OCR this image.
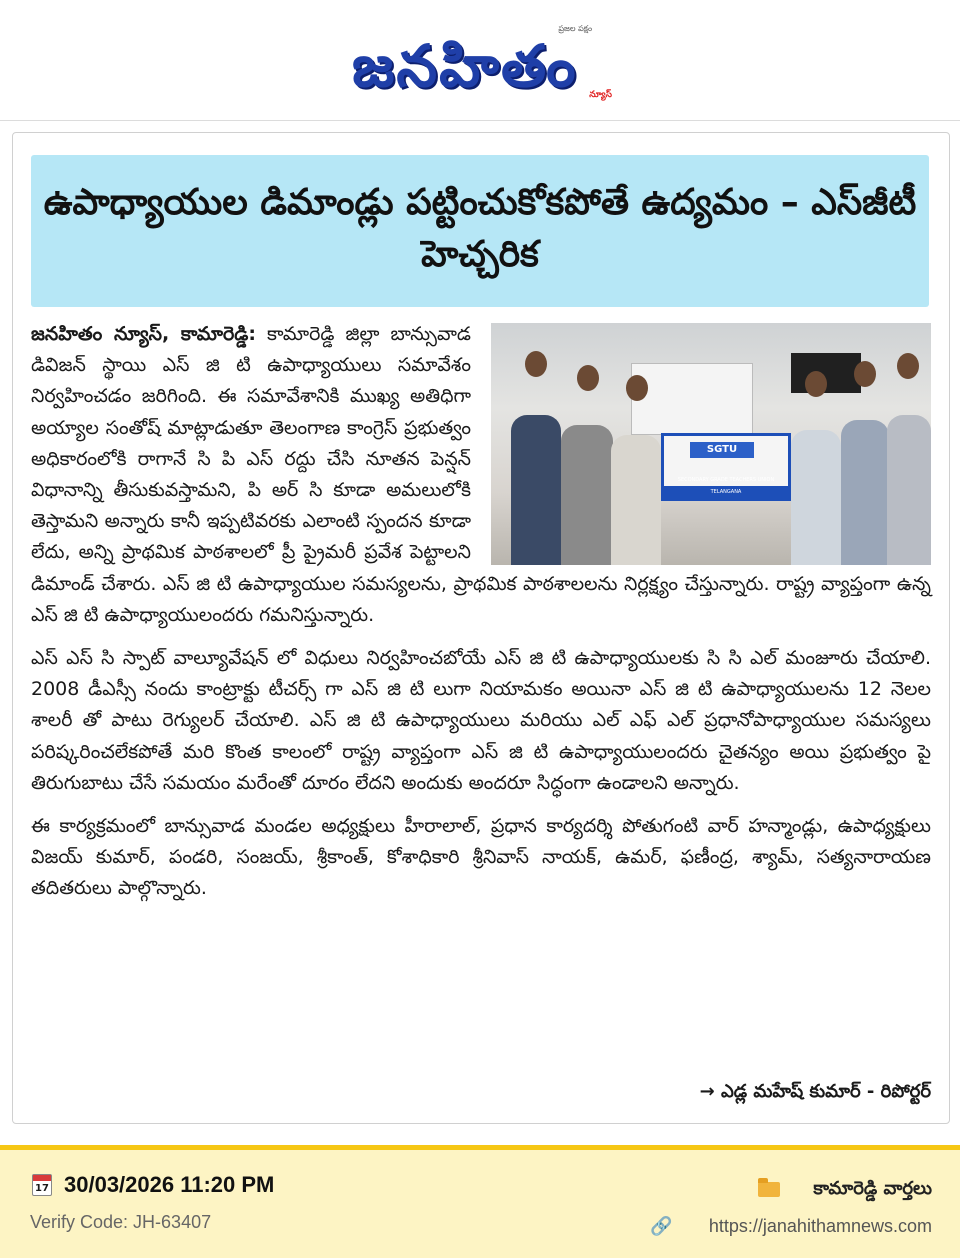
జనహితం
ప్రజల పక్షం
న్యూస్
ఉపాధ్యాయుల డిమాండ్లు పట్టించుకోకపోతే ఉద్యమం – ఎస్‌జీటీ హెచ్చరిక
SGTU
SECONDARY GRADE TEACHERS UNION TELANGANA

జనహితం న్యూస్, కామారెడ్డి: కామారెడ్డి జిల్లా బాన్సువాడ డివిజన్ స్థాయి ఎస్ జి టి ఉపాధ్యాయులు సమావేశం నిర్వహించడం జరిగింది. ఈ సమావేశానికి ముఖ్య అతిధిగా అయ్యాల సంతోష్ మాట్లాడుతూ తెలంగాణ కాంగ్రెస్ ప్రభుత్వం అధికారంలోకి రాగానే సి పి ఎస్ రద్దు చేసి నూతన పెన్షన్ విధానాన్ని తీసుకువస్తామని, పి అర్ సి కూడా అమలులోకి తెస్తామని అన్నారు కానీ ఇప్పటివరకు ఎలాంటి స్పందన కూడా లేదు, అన్ని ప్రాథమిక పాఠశాలలో ప్రీ ప్రైమరీ ప్రవేశ పెట్టాలని డిమాండ్ చేశారు. ఎస్ జి టి ఉపాధ్యాయుల సమస్యలను, ప్రాథమిక పాఠశాలలను నిర్లక్ష్యం చేస్తున్నారు. రాష్ట్ర వ్యాప్తంగా ఉన్న ఎస్ జి టి ఉపాధ్యాయులందరు గమనిస్తున్నారు.

ఎస్ ఎస్ సి స్పాట్ వాల్యూవేషన్ లో విధులు నిర్వహించబోయే ఎస్ జి టి ఉపాధ్యాయులకు సి సి ఎల్ మంజూరు చేయాలి. 2008 డీఎస్సీ నందు కాంట్రాక్టు టీచర్స్ గా ఎస్ జి టి లుగా నియామకం అయినా ఎస్ జి టి ఉపాధ్యాయులను 12 నెలల శాలరీ తో పాటు రెగ్యులర్ చేయాలి. ఎస్ జి టి ఉపాధ్యాయులు మరియు ఎల్ ఎఫ్ ఎల్ ప్రధానోపాధ్యాయుల సమస్యలు పరిష్కరించలేకపోతే మరి కొంత కాలంలో రాష్ట్ర వ్యాప్తంగా ఎస్ జి టి ఉపాధ్యాయులందరు చైతన్యం అయి ప్రభుత్వం పై తిరుగుబాటు చేసే సమయం మరేంతో దూరం లేదని అందుకు అందరూ సిద్ధంగా ఉండాలని అన్నారు.

ఈ కార్యక్రమంలో బాన్సువాడ మండల అధ్యక్షులు హీరాలాల్, ప్రధాన కార్యదర్శి పోతుగంటి వార్ హన్మాండ్లు, ఉపాధ్యక్షులు విజయ్ కుమార్, పండరి, సంజయ్, శ్రీకాంత్, కోశాధికారి శ్రీనివాస్ నాయక్, ఉమర్, ఫణీంద్ర, శ్యామ్, సత్యనారాయణ తదితరులు పాల్గొన్నారు.

→ ఎడ్ల మహేష్ కుమార్ - రిపోర్టర్
17 30/03/2026 11:20 PM
Verify Code: JH-63407
కామారెడ్డి వార్తలు
🔗 https://janahithamnews.com
